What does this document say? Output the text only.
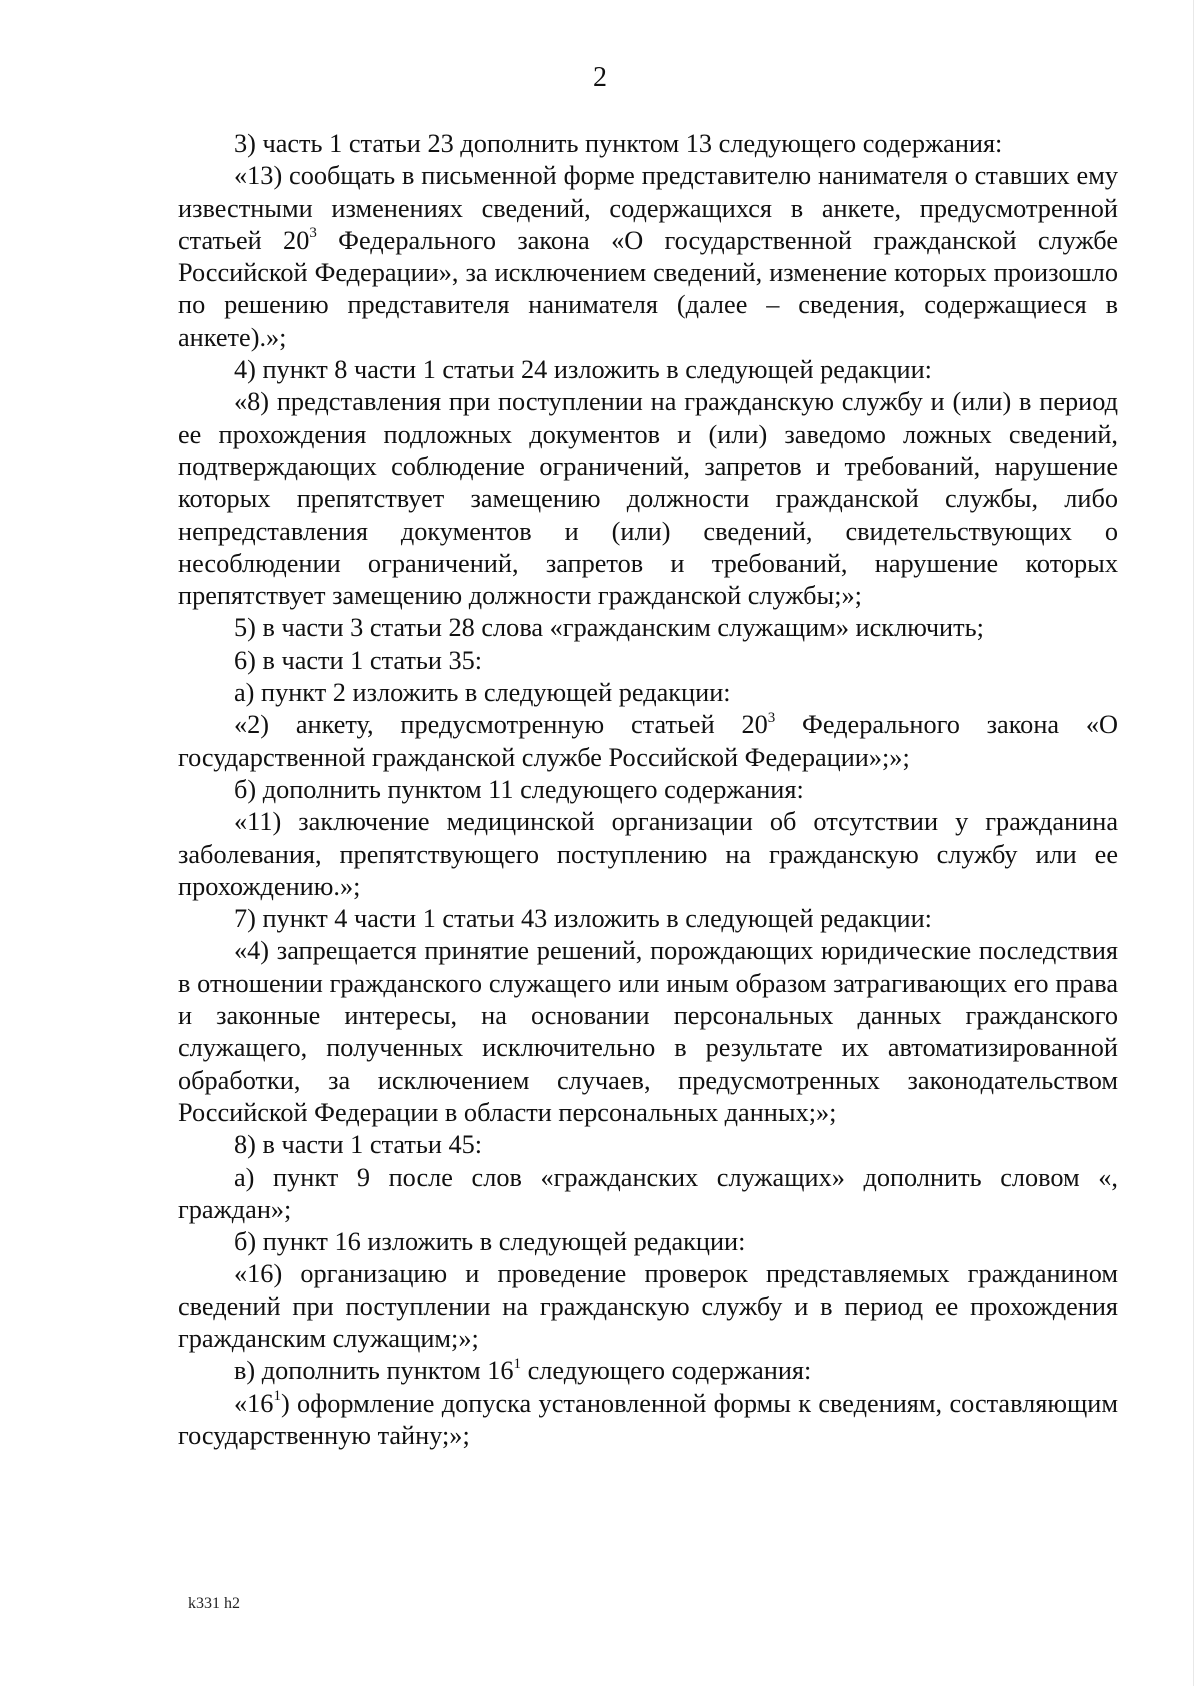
2

3) часть 1 статьи 23 дополнить пунктом 13 следующего содержания:

«13) сообщать в письменной форме представителю нанимателя о ставших ему известными изменениях сведений, содержащихся в анкете, предусмотренной статьей $20^3$ Федерального закона «О государственной гражданской службе Российской Федерации», за исключением сведений, изменение которых произошло по решению представителя нанимателя (далее – сведения, содержащиеся в анкете).»;

4) пункт 8 части 1 статьи 24 изложить в следующей редакции:

«8) представления при поступлении на гражданскую службу и (или) в период ее прохождения подложных документов и (или) заведомо ложных сведений, подтверждающих соблюдение ограничений, запретов и требований, нарушение которых препятствует замещению должности гражданской службы, либо непредставления документов и (или) сведений, свидетельствующих о несоблюдении ограничений, запретов и требований, нарушение которых препятствует замещению должности гражданской службы;»;

5) в части 3 статьи 28 слова «гражданским служащим» исключить;

6) в части 1 статьи 35:

а) пункт 2 изложить в следующей редакции:

«2) анкету, предусмотренную статьей $20^3$ Федерального закона «О государственной гражданской службе Российской Федерации»;»;

б) дополнить пунктом 11 следующего содержания:

«11) заключение медицинской организации об отсутствии у гражданина заболевания, препятствующего поступлению на гражданскую службу или ее прохождению.»;

7) пункт 4 части 1 статьи 43 изложить в следующей редакции:

«4) запрещается принятие решений, порождающих юридические последствия в отношении гражданского служащего или иным образом затрагивающих его права и законные интересы, на основании персональных данных гражданского служащего, полученных исключительно в результате их автоматизированной обработки, за исключением случаев, предусмотренных законодательством Российской Федерации в области персональных данных;»;

8) в части 1 статьи 45:

а) пункт 9 после слов «гражданских служащих» дополнить словом «, граждан»;

б) пункт 16 изложить в следующей редакции:

«16) организацию и проведение проверок представляемых гражданином сведений при поступлении на гражданскую службу и в период ее прохождения гражданским служащим;»;

в) дополнить пунктом $16^1$ следующего содержания:

«$16^1$) оформление допуска установленной формы к сведениям, составляющим государственную тайну;»;

k331 h2
